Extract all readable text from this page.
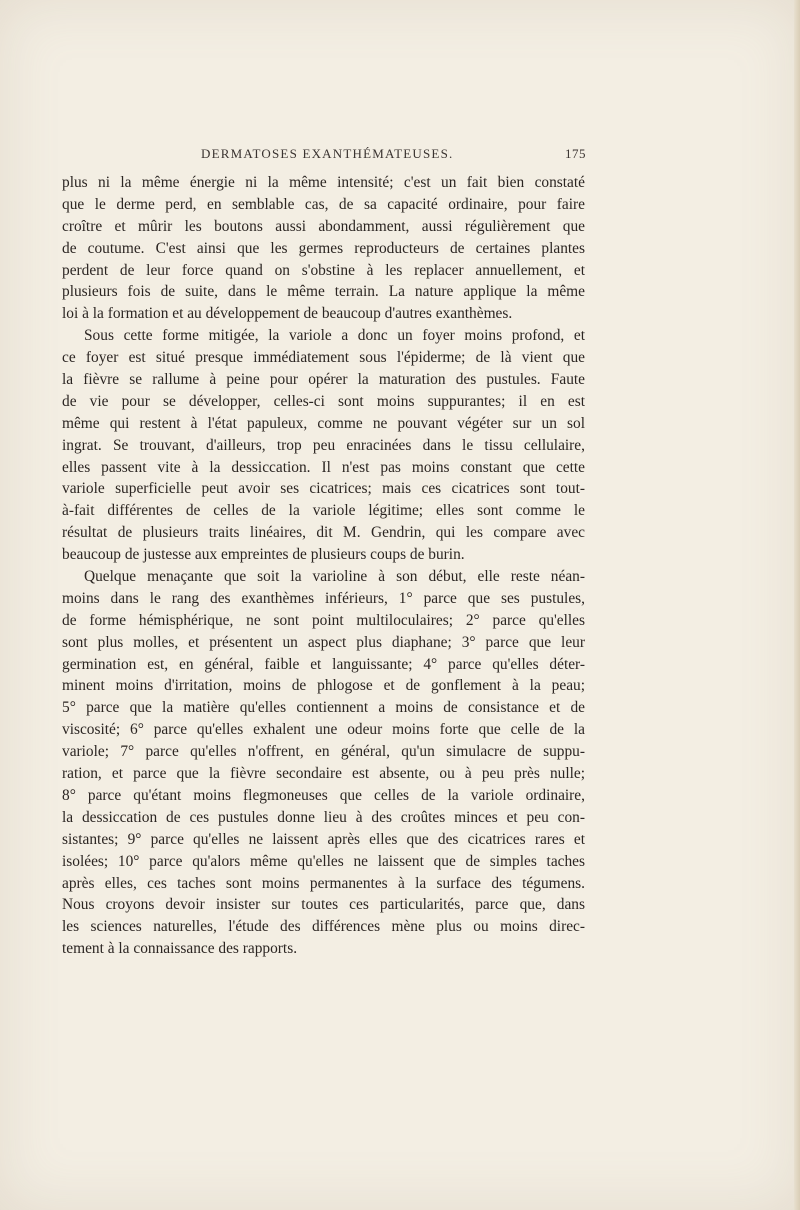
DERMATOSES EXANTHÉMATEUSES.	175
plus ni la même énergie ni la même intensité; c'est un fait bien constaté
que le derme perd, en semblable cas, de sa capacité ordinaire, pour faire
croître et mûrir les boutons aussi abondamment, aussi régulièrement que
de coutume. C'est ainsi que les germes reproducteurs de certaines plantes
perdent de leur force quand on s'obstine à les replacer annuellement, et
plusieurs fois de suite, dans le même terrain. La nature applique la même
loi à la formation et au développement de beaucoup d'autres exanthèmes.
Sous cette forme mitigée, la variole a donc un foyer moins profond, et
ce foyer est situé presque immédiatement sous l'épiderme; de là vient que
la fièvre se rallume à peine pour opérer la maturation des pustules. Faute
de vie pour se développer, celles-ci sont moins suppurantes; il en est
même qui restent à l'état papuleux, comme ne pouvant végéter sur un sol
ingrat. Se trouvant, d'ailleurs, trop peu enracinées dans le tissu cellulaire,
elles passent vite à la dessiccation. Il n'est pas moins constant que cette
variole superficielle peut avoir ses cicatrices; mais ces cicatrices sont tout-
à-fait différentes de celles de la variole légitime; elles sont comme le
résultat de plusieurs traits linéaires, dit M. Gendrin, qui les compare avec
beaucoup de justesse aux empreintes de plusieurs coups de burin.
Quelque menaçante que soit la varioline à son début, elle reste néan-
moins dans le rang des exanthèmes inférieurs, 1° parce que ses pustules,
de forme hémisphérique, ne sont point multiloculaires; 2° parce qu'elles
sont plus molles, et présentent un aspect plus diaphane; 3° parce que leur
germination est, en général, faible et languissante; 4° parce qu'elles déter-
minent moins d'irritation, moins de phlogose et de gonflement à la peau;
5° parce que la matière qu'elles contiennent a moins de consistance et de
viscosité; 6° parce qu'elles exhalent une odeur moins forte que celle de la
variole; 7° parce qu'elles n'offrent, en général, qu'un simulacre de suppu-
ration, et parce que la fièvre secondaire est absente, ou à peu près nulle;
8° parce qu'étant moins flegmoneuses que celles de la variole ordinaire,
la dessiccation de ces pustules donne lieu à des croûtes minces et peu con-
sistantes; 9° parce qu'elles ne laissent après elles que des cicatrices rares et
isolées; 10° parce qu'alors même qu'elles ne laissent que de simples taches
après elles, ces taches sont moins permanentes à la surface des tégumens.
Nous croyons devoir insister sur toutes ces particularités, parce que, dans
les sciences naturelles, l'étude des différences mène plus ou moins direc-
tement à la connaissance des rapports.
